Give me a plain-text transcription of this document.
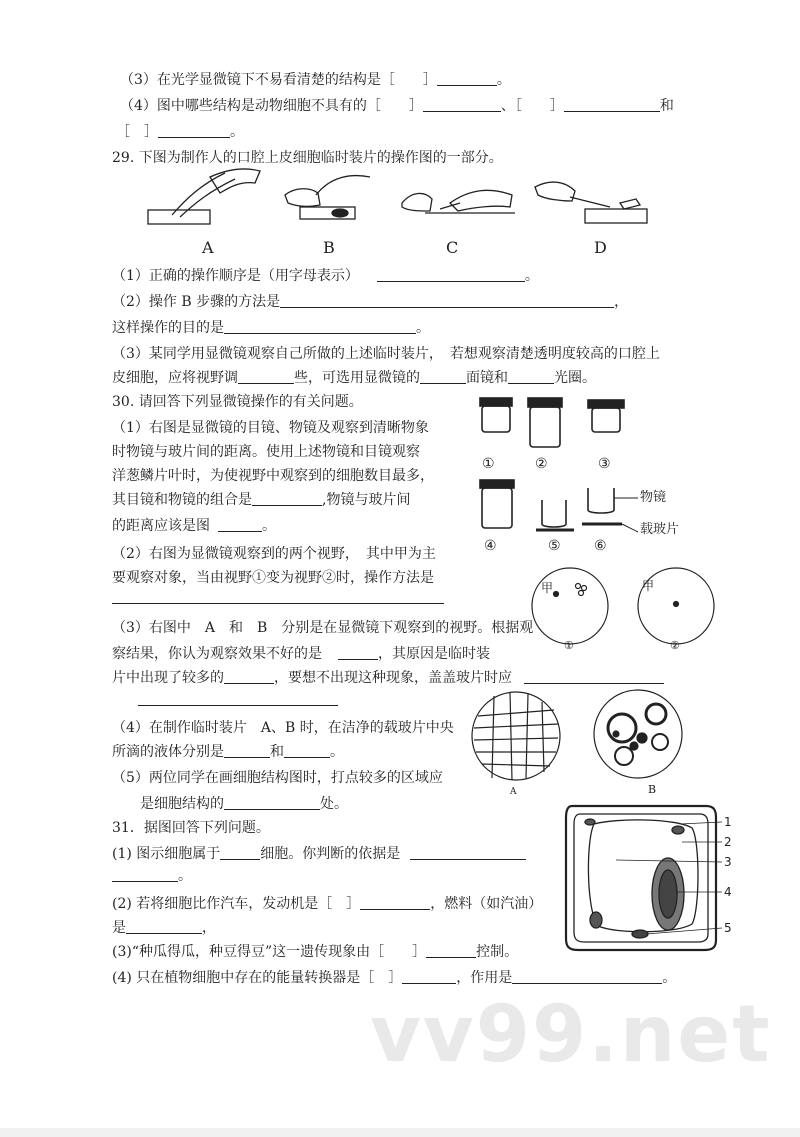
（3）在光学显微镜下不易看清楚的结构是［　　］	。
（4）图中哪些结构是动物细胞不具有的［　　］	、［　　］	和
［　］	。
29. 下图为制作人的口腔上皮细胞临时装片的操作图的一部分。
A	B	C	D
（1）正确的操作顺序是（用字母表示）	。
（2）操作 B 步骤的方法是	，
这样操作的目的是	。
（3）某同学用显微镜观察自己所做的上述临时装片，　若想观察清楚透明度较高的口腔上
皮细胞，应将视野调	些，可选用显微镜的	面镜和	光圈。
30. 请回答下列显微镜操作的有关问题。
（1）右图是显微镜的目镜、物镜及观察到清晰物象
时物镜与玻片间的距离。使用上述物镜和目镜观察
洋葱鳞片叶时，为使视野中观察到的细胞数目最多，
其目镜和物镜的组合是	,物镜与玻片间
的距离应该是图	。
①	②	③
④	⑤ ⑥
物镜
载玻片
（2）右图为显微镜观察到的两个视野，　其中甲为主
要观察对象，当由视野①变为视野②时，操作方法是
甲	甲
①	②
（3）右图中　A　和　B　分别是在显微镜下观察到的视野。根据观
察结果，你认为观察效果不好的是	，其原因是临时装
片中出现了较多的	，要想不出现这种现象，盖盖玻片时应
A	B
（4）在制作临时装片　A、B 时，在洁净的载玻片中央
所滴的液体分别是	和	。
（5）两位同学在画细胞结构图时，打点较多的区域应
是细胞结构的	处。
31．据图回答下列问题。
(1) 图示细胞属于	细胞。你判断的依据是
。
(2) 若将细胞比作汽车，发动机是［　］	，燃料（如汽油）
是	，
(3)“种瓜得瓜，种豆得豆”这一遗传现象由［　　］	控制。
(4) 只在植物细胞中存在的能量转换器是［　］	，作用是	。
1
2
3
4
5
vv99.net
